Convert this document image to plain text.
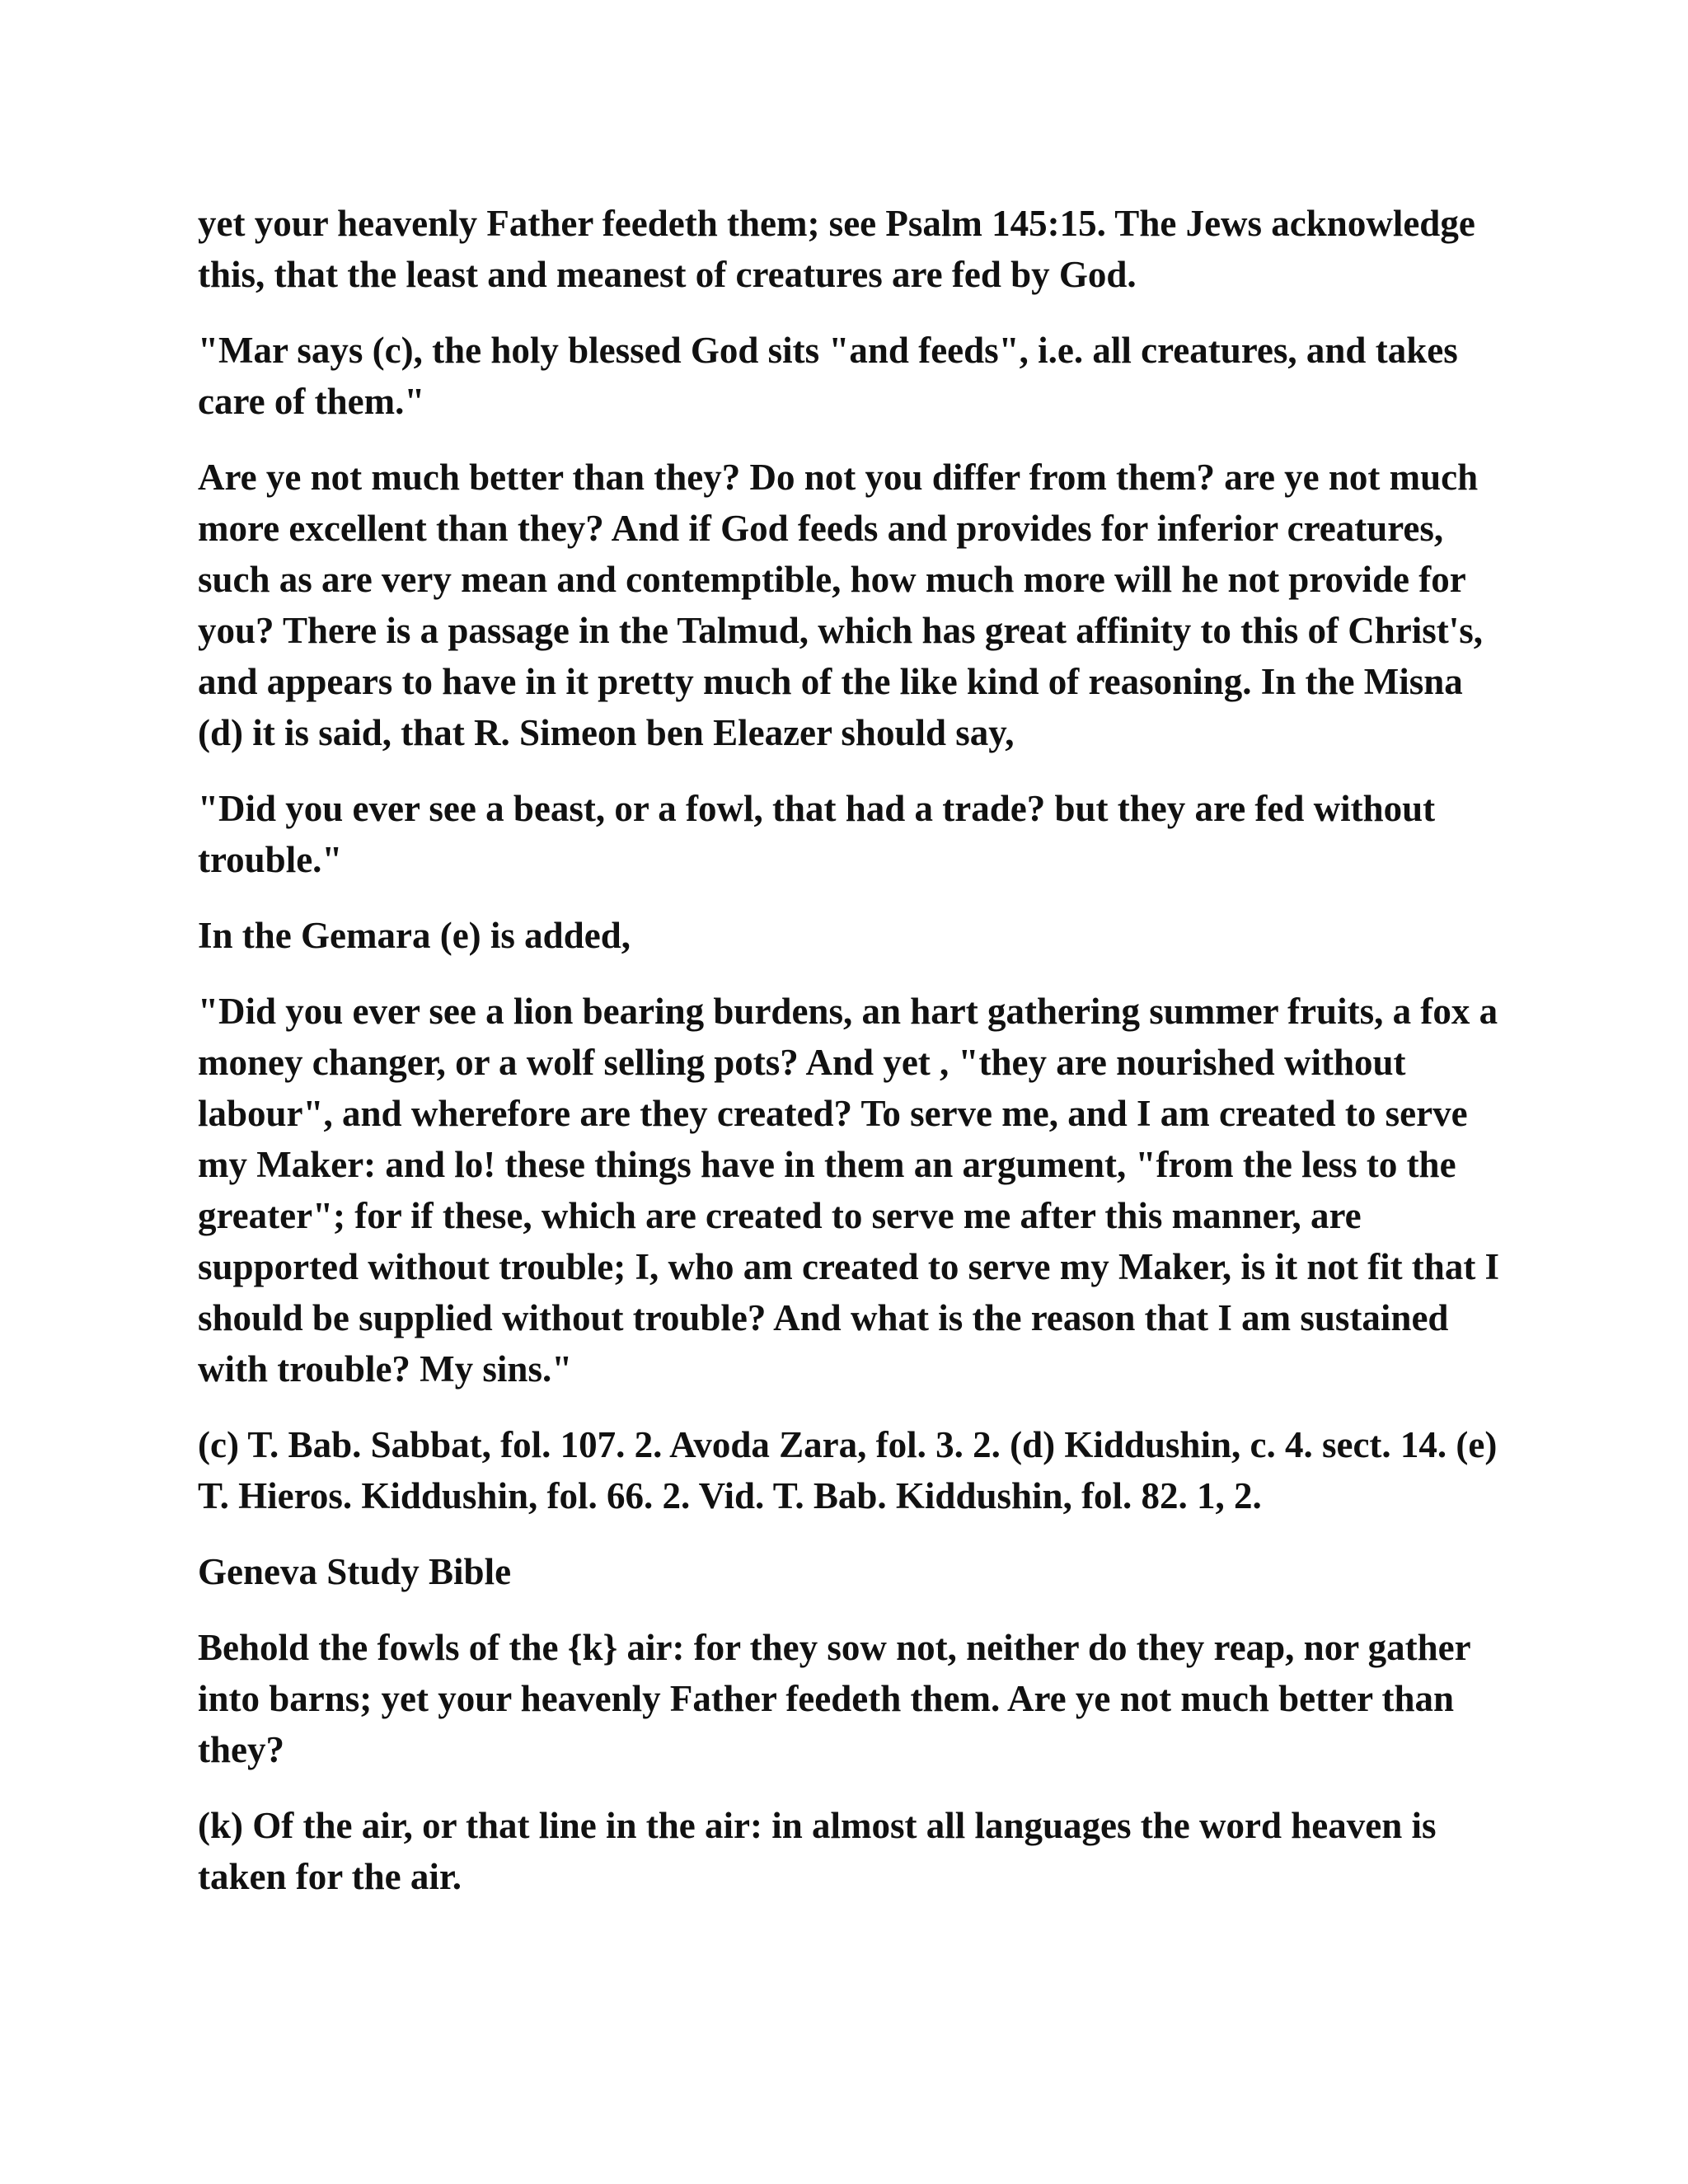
yet your heavenly Father feedeth them; see Psalm 145:15. The Jews acknowledge this, that the least and meanest of creatures are fed by God.

"Mar says (c), the holy blessed God sits "and feeds", i.e. all creatures, and takes care of them."

Are ye not much better than they? Do not you differ from them? are ye not much more excellent than they? And if God feeds and provides for inferior creatures, such as are very mean and contemptible, how much more will he not provide for you? There is a passage in the Talmud, which has great affinity to this of Christ's, and appears to have in it pretty much of the like kind of reasoning. In the Misna (d) it is said, that R. Simeon ben Eleazer should say,

"Did you ever see a beast, or a fowl, that had a trade? but they are fed without trouble."

In the Gemara (e) is added,

"Did you ever see a lion bearing burdens, an hart gathering summer fruits, a fox a money changer, or a wolf selling pots? And yet , "they are nourished without labour", and wherefore are they created? To serve me, and I am created to serve my Maker: and lo! these things have in them an argument, "from the less to the greater"; for if these, which are created to serve me after this manner, are supported without trouble; I, who am created to serve my Maker, is it not fit that I should be supplied without trouble? And what is the reason that I am sustained with trouble? My sins."

(c) T. Bab. Sabbat, fol. 107. 2. Avoda Zara, fol. 3. 2. (d) Kiddushin, c. 4. sect. 14. (e) T. Hieros. Kiddushin, fol. 66. 2. Vid. T. Bab. Kiddushin, fol. 82. 1, 2.

Geneva Study Bible

Behold the fowls of the {k} air: for they sow not, neither do they reap, nor gather into barns; yet your heavenly Father feedeth them. Are ye not much better than they?

(k) Of the air, or that line in the air: in almost all languages the word heaven is taken for the air.
